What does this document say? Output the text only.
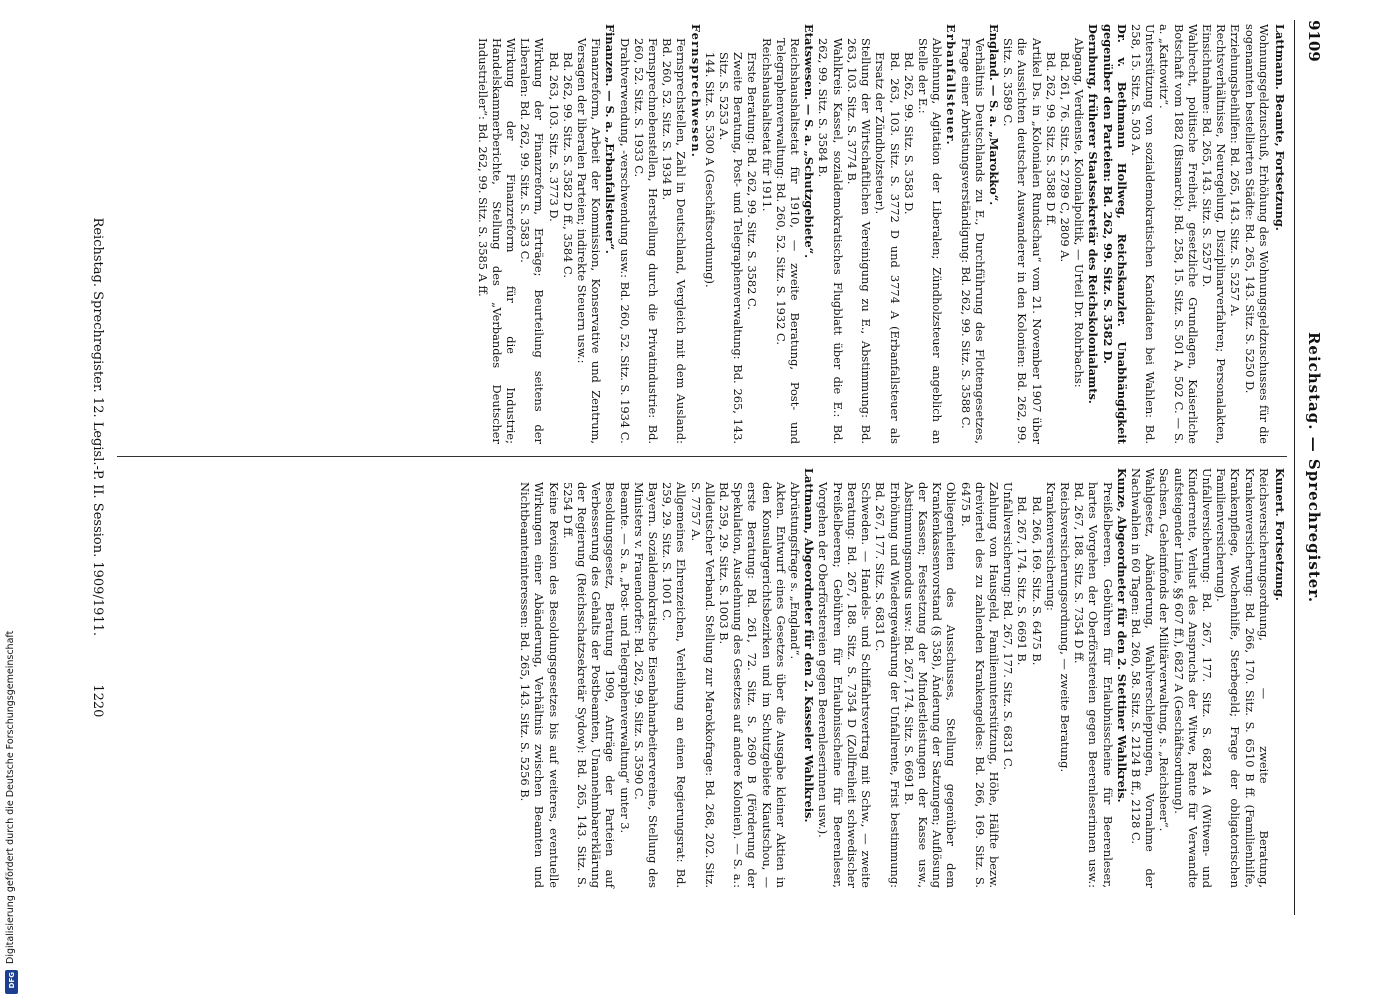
9109
Reichstag. — Sprechregister.

Lattmann. Beamte, Fortsetzung.

Wohnungsgeldzuschuß, Erhöhung des Wohnungsgeldzuschusses für die sogenannten bestellierten Städte: Bd. 265, 143. Sitz. S. 5250 D.

Erziehungsbeihilfen: Bd. 265, 143. Sitz. S. 5257 A.

Rechtsverhältnisse, Neuregelung, Disziplinarverfahren; Personalakten, Einsichtnahme: Bd. 265, 143. Sitz. S. 5257 D.

Wahlrecht, politische Freiheit, gesetzliche Grundlagen, Kaiserliche Botschaft vom 1882 (Bismarck): Bd. 258, 15. Sitz. S. 501 A, 502 C. — S. a. „Kattowitz“.

Unterstützung von sozialdemokratischen Kandidaten bei Wahlen: Bd. 258, 15. Sitz. S. 503 A.

Dr. v. Bethmann Hollweg, Reichskanzler. Unabhängigkeit gegenüber den Parteien: Bd. 262, 99. Sitz. S. 3582 D.

Dernburg, früherer Staatssekretär des Reichskolonialamts.

Abgang, Verdienste, Kolonialpolitik, — Urteil Dr. Rohrbachs:

Bd. 261, 76. Sitz. S. 2789 C, 2809 A.

Bd. 262, 99. Sitz. S. 3588 D ff.

Artikel Ds. in „Kolonialen Rundschau“ vom 21. November 1907 über die Aussichten deutscher Auswanderer in den Kolonien: Bd. 262, 99. Sitz. S. 3589 C.

England. — S. a. „Marokko“.

Verhältnis Deutschlands zu E., Durchführung des Flottengesetzes, Frage einer Abrüstungsverständigung: Bd. 262, 99. Sitz. S. 3588 C.

Erbanfallsteuer.

Ablehnung, Agitation der Liberalen; Zündholzsteuer angeblich an Stelle der E.:

Bd. 262, 99. Sitz. S. 3583 D.

Bd. 263, 103. Sitz. S. 3772 D und 3774 A (Erbanfallsteuer als Ersatz der Zündholzsteuer).

Stellung der Wirtschaftlichen Vereinigung zu E., Abstimmung: Bd. 263, 103. Sitz. S. 3774 B.

Wahlkreis Kassel, sozialdemokratisches Flugblatt über die E.: Bd. 262, 99. Sitz. S. 3584 B.

Etatswesen. — S. a. „Schutzgebiete“.

Reichshaushaltsetat für 1910, — zweite Beratung, Post- und Telegraphenverwaltung: Bd. 260, 52. Sitz. S. 1932 C.

Reichshaushaltsetat für 1911.

Erste Beratung: Bd. 262, 99. Sitz. S. 3582 C.

Zweite Beratung, Post- und Telegraphenverwaltung: Bd. 265, 143. Sitz. S. 5253 A.

144. Sitz. S. 5300 A (Geschäftsordnung).

Fernsprechwesen.

Fernsprechstellen, Zahl in Deutschland, Vergleich mit dem Ausland: Bd. 260, 52. Sitz. S. 1934 B.

Fernsprechnebenstellen, Herstellung durch die Privatindustrie: Bd. 260, 52. Sitz. S. 1933 C.

Drahtverwendung, -verschwendung usw.: Bd. 260, 52. Sitz. S. 1934 C.

Finanzen. — S. a. „Erbanfallsteuer“.

Finanzreform, Arbeit der Kommission, Konservative und Zentrum, Versagen der liberalen Parteien; indirekte Steuern usw.:

Bd. 262, 99. Sitz. S. 3582 D ff., 3584 C.

Bd. 263, 103. Sitz. S. 3773 D.

Wirkung der Finanzreform, Erträge; Beurteilung seitens der Liberalen: Bd. 262, 99. Sitz. S. 3583 C.

Wirkung der Finanzreform für die Industrie; Handelskammerberichte, Stellung des „Verbandes Deutscher Industrieller“: Bd. 262, 99. Sitz. S. 3585 A ff.

Kunert. Fortsetzung.

Reichsversicherungsordnung, — zweite Beratung, Krankenversicherung: Bd. 266, 170. Sitz. S. 6510 B ff. (Familienhilfe, Krankenpflege, Wochenhilfe, Sterbegeld; Frage der obligatorischen Familienversicherung).

Unfallversicherung: Bd. 267, 177. Sitz. S. 6824 A (Witwen- und Kinderrente, Verlust des Anspruchs der Witwe, Rente für Verwandte aufsteigender Linie, §§ 607 ff.), 6827 A (Geschäftsordnung).

Sachsen, Geheimfonds der Militärverwaltung, s. „Reichsheer“.

Wahlgesetz, Abänderung, Wahlverschleppungen, Vornahme der Nachwahlen in 60 Tagen: Bd. 260, 58. Sitz. S. 2124 B ff., 2128 C.

Kunze, Abgeordneter für den 2. Stettiner Wahlkreis.

Preißelbeeren. Gebühren für Erlaubnisscheine für Beerenleser, hartes Vorgehen der Oberförstereien gegen Beerenleserinnen usw.: Bd. 267, 188. Sitz. S. 7354 D ff.

Reichsversicherungsordnung, — zweite Beratung.

Krankenversicherung:

Bd. 266, 169. Sitz. S. 6475 B.

Bd. 267, 174. Sitz. S. 6691 B.

Unfallversicherung: Bd. 267, 177. Sitz. S. 6831 C.

Zahlung von Hausgeld, Familienunterstützung, Höhe, Hälfte bezw. dreiviertel des zu zahlenden Krankengeldes: Bd. 266, 169. Sitz. S. 6475 B.

Obliegenheiten des Ausschusses, Stellung gegenüber dem Krankenkassenvorstand (§ 358), Änderung der Satzungen; Auflösung der Kassen; Festsetzung der Mindestleistungen der Kasse usw., Abstimmungsmodus usw.: Bd. 267, 174. Sitz. S. 6691 B.

Erhöhung und Wiedergewährung der Unfallrente, Frist bestimmung: Bd. 267, 177. Sitz. S. 6831 C.

Schweden. — Handels- und Schiffahrtsvertrag mit Schw., — zweite Beratung: Bd. 267, 188. Sitz. S. 7354 D (Zollfreiheit schwedischer Preißelbeeren; Gebühren für Erlaubnisscheine für Beerenleser, Vorgehen der Oberförstereien gegen Beerenleserinnen usw.).

Lattmann, Abgeordneter für den 2. Kasseler Wahlkreis.

Abrüstungsfrage s. „England“.

Akten. Entwurf eines Gesetzes über die Ausgabe kleiner Aktien in den Konsulargerichtsbezirken und im Schutzgebiete Kiautschou, — erste Beratung: Bd. 261, 72. Sitz. S. 2690 B (Förderung der Spekulation, Ausdehnung des Gesetzes auf andere Kolonien). — S. a.: Bd. 259, 29. Sitz. S. 1003 B.

Alldeutscher Verband. Stellung zur Marokkofrage: Bd. 268, 202. Sitz. S. 7757 A.

Allgemeines Ehrenzeichen, Verleihung an einen Regierungsrat: Bd. 259, 29. Sitz. S. 1001 C.

Bayern. Sozialdemokratische Eisenbahnarbeitervereine, Stellung des Ministers v. Frauendorfer: Bd. 262, 99. Sitz. S. 3590 C.

Beamte. — S. a. „Post- und Telegraphenverwaltung“ unter 3.

Besoldungsgesetz, Beratung 1909, Anträge der Parteien auf Verbesserung des Gehalts der Postbeamten, Unannehmbarerklärung der Regierung (Reichsschatzsekretär Sydow): Bd. 265, 143. Sitz. S. 5254 D ff.

Keine Revision des Besoldungsgesetzes bis auf weiteres, eventuelle Wirkungen einer Abänderung, Verhältnis zwischen Beamten und Nichtbeamteninteressen: Bd. 265, 143. Sitz. S. 5256 B.

Reichstag. Sprechregister. 12. Legisl.-P. II. Session. 1909/1911.  1220
Digitalisierung gefördert durch die Deutsche Forschungsgemeinschaft
DFG
